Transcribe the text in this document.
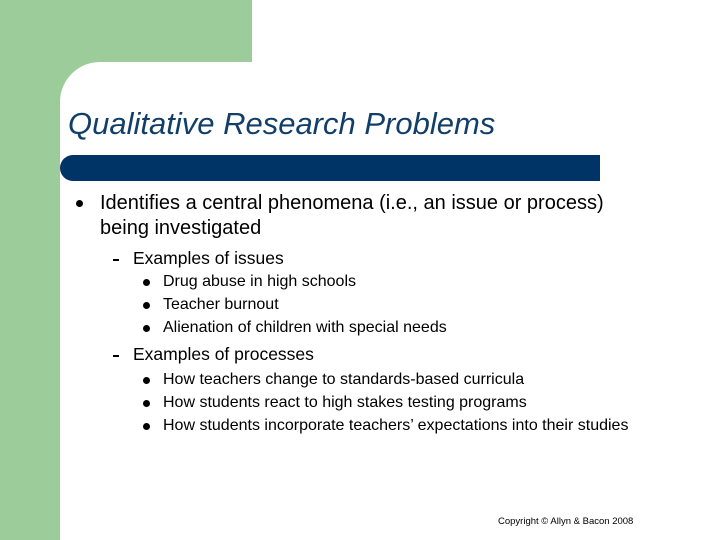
Qualitative Research Problems
Identifies a central phenomena (i.e., an issue or process) being investigated
Examples of issues
Drug abuse in high schools
Teacher burnout
Alienation of children with special needs
Examples of processes
How teachers change to standards-based curricula
How students react to high stakes testing programs
How students incorporate teachers’ expectations into their studies
Copyright © Allyn & Bacon 2008
